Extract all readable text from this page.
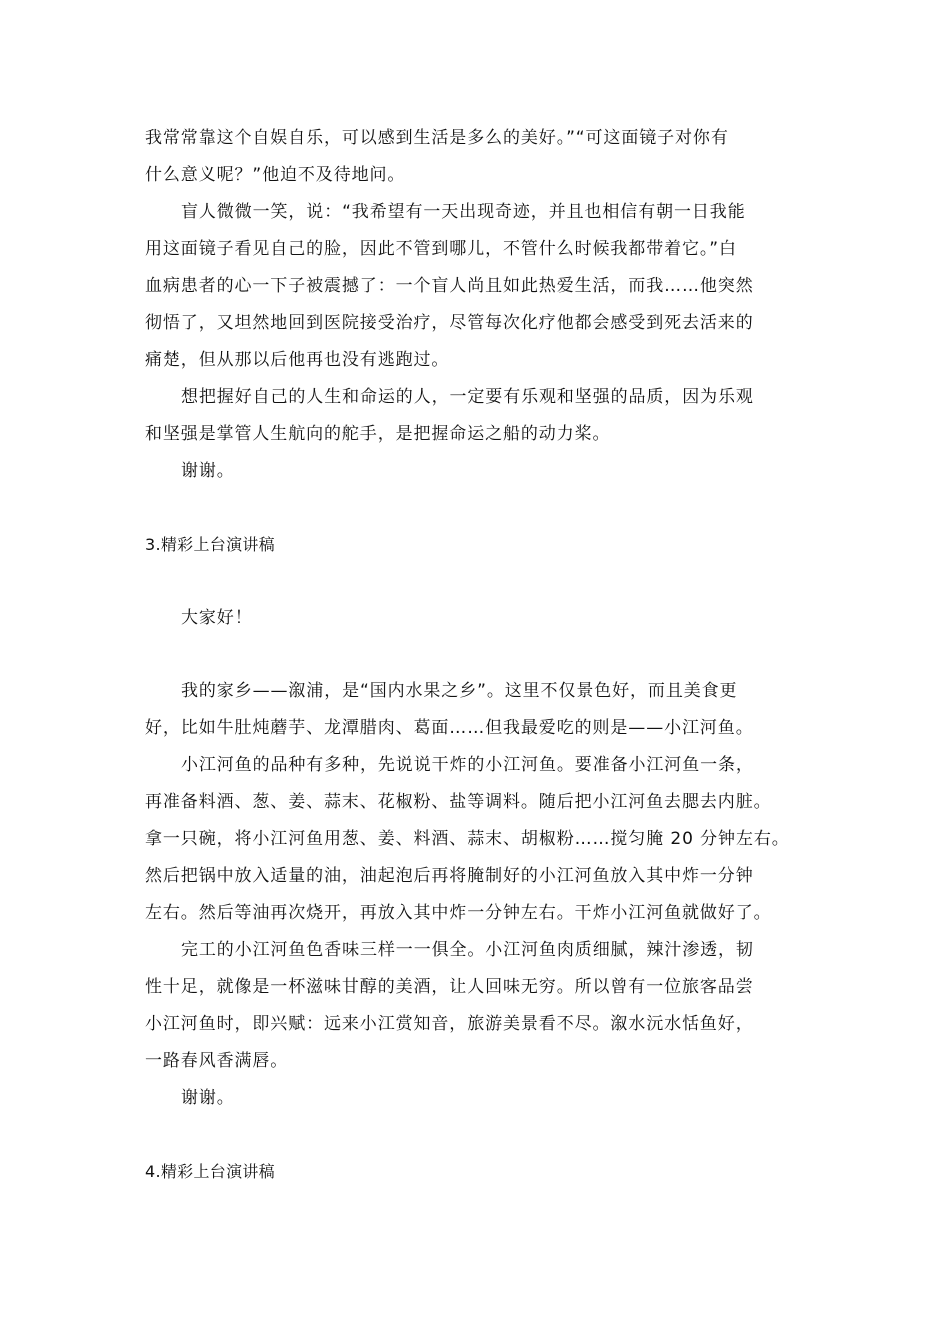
我常常靠这个自娱自乐，可以感到生活是多么的美好。”“可这面镜子对你有
什么意义呢？”他迫不及待地问。
盲人微微一笑，说：“我希望有一天出现奇迹，并且也相信有朝一日我能
用这面镜子看见自己的脸，因此不管到哪儿，不管什么时候我都带着它。”白
血病患者的心一下子被震撼了：一个盲人尚且如此热爱生活，而我……他突然
彻悟了，又坦然地回到医院接受治疗，尽管每次化疗他都会感受到死去活来的
痛楚，但从那以后他再也没有逃跑过。
想把握好自己的人生和命运的人，一定要有乐观和坚强的品质，因为乐观
和坚强是掌管人生航向的舵手，是把握命运之船的动力桨。
谢谢。
3.精彩上台演讲稿
大家好！
我的家乡——溆浦，是“国内水果之乡”。这里不仅景色好，而且美食更
好，比如牛肚炖蘑芋、龙潭腊肉、葛面……但我最爱吃的则是——小江河鱼。
小江河鱼的品种有多种，先说说干炸的小江河鱼。要准备小江河鱼一条，
再准备料酒、葱、姜、蒜末、花椒粉、盐等调料。随后把小江河鱼去腮去内脏。
拿一只碗，将小江河鱼用葱、姜、料酒、蒜末、胡椒粉……搅匀腌 20 分钟左右。
然后把锅中放入适量的油，油起泡后再将腌制好的小江河鱼放入其中炸一分钟
左右。然后等油再次烧开，再放入其中炸一分钟左右。干炸小江河鱼就做好了。
完工的小江河鱼色香味三样一一俱全。小江河鱼肉质细腻，辣汁渗透，韧
性十足，就像是一杯滋味甘醇的美酒，让人回味无穷。所以曾有一位旅客品尝
小江河鱼时，即兴赋：远来小江赏知音，旅游美景看不尽。溆水沅水恬鱼好，
一路春风香满唇。
谢谢。
4.精彩上台演讲稿
